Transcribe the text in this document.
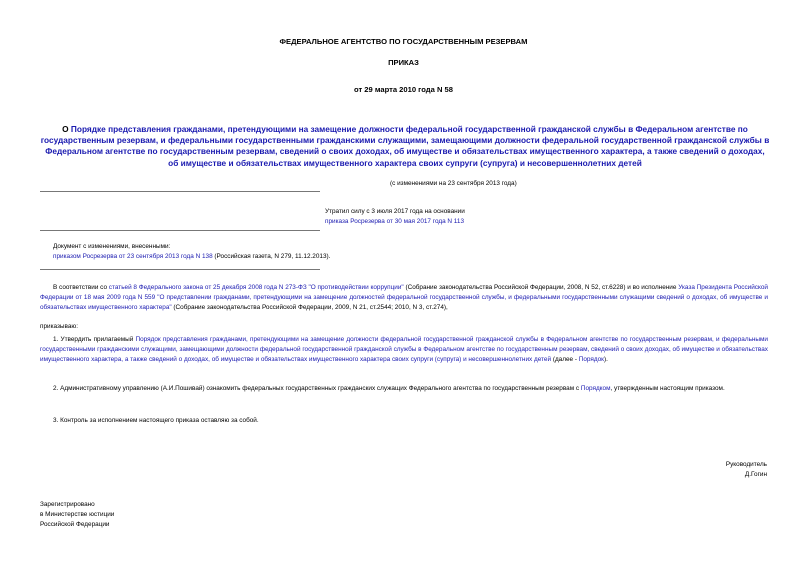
ФЕДЕРАЛЬНОЕ АГЕНТСТВО ПО ГОСУДАРСТВЕННЫМ РЕЗЕРВАМ
ПРИКАЗ
от 29 марта 2010 года N 58
О Порядке представления гражданами, претендующими на замещение должности федеральной государственной гражданской службы в Федеральном агентстве по государственным резервам, и федеральными государственными гражданскими служащими, замещающими должности федеральной государственной гражданской службы в Федеральном агентстве по государственным резервам, сведений о своих доходах, об имуществе и обязательствах имущественного характера, а также сведений о доходах, об имуществе и обязательствах имущественного характера своих супруги (супруга) и несовершеннолетних детей
(с изменениями на 23 сентября 2013 года)
Утратил силу с 3 июля 2017 года на основании
приказа Росрезерва от 30 мая 2017 года N 113
Документ с изменениями, внесенными:
приказом Росрезерва от 23 сентября 2013 года N 138 (Российская газета, N 279, 11.12.2013).
В соответствии со статьей 8 Федерального закона от 25 декабря 2008 года N 273-ФЗ "О противодействии коррупции" (Собрание законодательства Российской Федерации, 2008, N 52, ст.6228) и во исполнение Указа Президента Российской Федерации от 18 мая 2009 года N 559 "О представлении гражданами, претендующими на замещение должностей федеральной государственной службы, и федеральными государственными служащими сведений о доходах, об имуществе и обязательствах имущественного характера" (Собрание законодательства Российской Федерации, 2009, N 21, ст.2544; 2010, N 3, ст.274),
приказываю:
1. Утвердить прилагаемый Порядок представления гражданами, претендующими на замещение должности федеральной государственной гражданской службы в Федеральном агентстве по государственным резервам, и федеральными государственными гражданскими служащими, замещающими должности федеральной государственной гражданской службы в Федеральном агентстве по государственным резервам, сведений о своих доходах, об имуществе и обязательствах имущественного характера, а также сведений о доходах, об имуществе и обязательствах имущественного характера своих супруги (супруга) и несовершеннолетних детей (далее - Порядок).
2. Административному управлению (А.И.Пошивай) ознакомить федеральных государственных гражданских служащих Федерального агентства по государственным резервам с Порядком, утвержденным настоящим приказом.
3. Контроль за исполнением настоящего приказа оставляю за собой.
Руководитель
Д.Гогин
Зарегистрировано
в Министерстве юстиции
Российской Федерации
